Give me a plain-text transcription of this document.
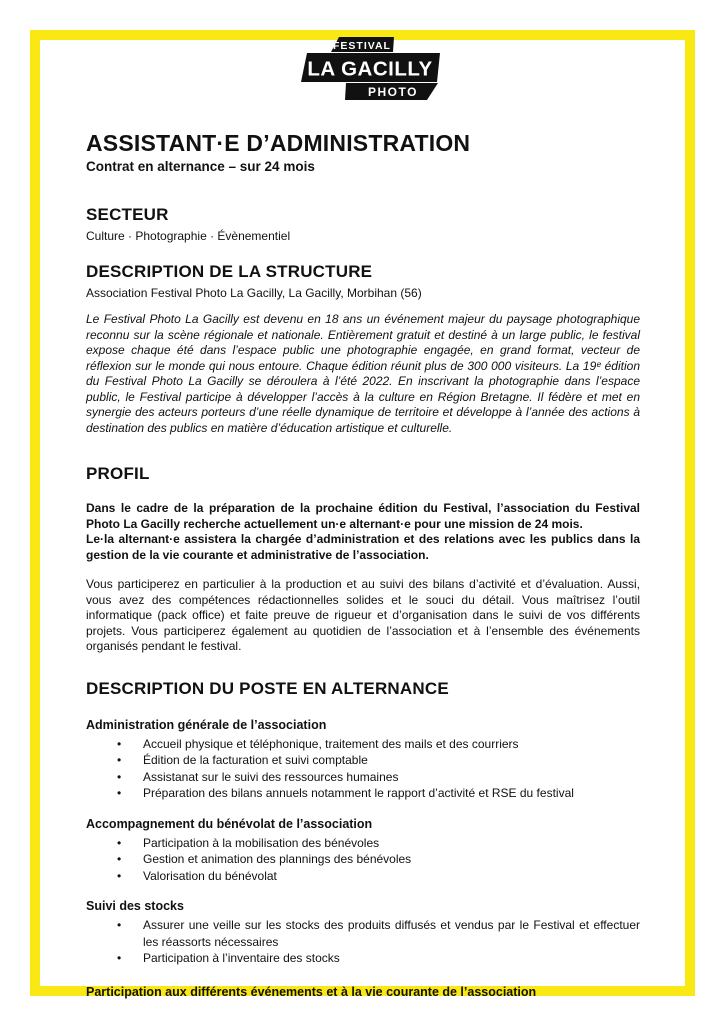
FESTIVAL
LA GACILLY
PHOTO
ASSISTANT·E D’ADMINISTRATION
Contrat en alternance – sur 24 mois
SECTEUR
Culture · Photographie · Évènementiel
DESCRIPTION DE LA STRUCTURE
Association Festival Photo La Gacilly, La Gacilly, Morbihan (56)
Le Festival Photo La Gacilly est devenu en 18 ans un événement majeur du paysage photographique reconnu sur la scène régionale et nationale. Entièrement gratuit et destiné à un large public, le festival expose chaque été dans l’espace public une photographie engagée, en grand format, vecteur de réflexion sur le monde qui nous entoure. Chaque édition réunit plus de 300 000 visiteurs. La 19ᵉ édition du Festival Photo La Gacilly se déroulera à l’été 2022. En inscrivant la photographie dans l’espace public, le Festival participe à développer l’accès à la culture en Région Bretagne. Il fédère et met en synergie des acteurs porteurs d’une réelle dynamique de territoire et développe à l’année des actions à destination des publics en matière d’éducation artistique et culturelle.
PROFIL
Dans le cadre de la préparation de la prochaine édition du Festival, l’association du Festival Photo La Gacilly recherche actuellement un·e alternant·e pour une mission de 24 mois.
Le·la alternant·e assistera la chargée d’administration et des relations avec les publics dans la gestion de la vie courante et administrative de l’association.
Vous participerez en particulier à la production et au suivi des bilans d’activité et d’évaluation. Aussi, vous avez des compétences rédactionnelles solides et le souci du détail. Vous maîtrisez l’outil informatique (pack office) et faite preuve de rigueur et d’organisation dans le suivi de vos différents projets. Vous participerez également au quotidien de l’association et à l’ensemble des événements organisés pendant le festival.
DESCRIPTION DU POSTE EN ALTERNANCE
Administration générale de l’association
• Accueil physique et téléphonique, traitement des mails et des courriers
• Édition de la facturation et suivi comptable
• Assistanat sur le suivi des ressources humaines
• Préparation des bilans annuels notamment le rapport d’activité et RSE du festival
Accompagnement du bénévolat de l’association
• Participation à la mobilisation des bénévoles
• Gestion et animation des plannings des bénévoles
• Valorisation du bénévolat
Suivi des stocks
• Assurer une veille sur les stocks des produits diffusés et vendus par le Festival et effectuer les réassorts nécessaires
• Participation à l’inventaire des stocks
Participation aux différents événements et à la vie courante de l’association
